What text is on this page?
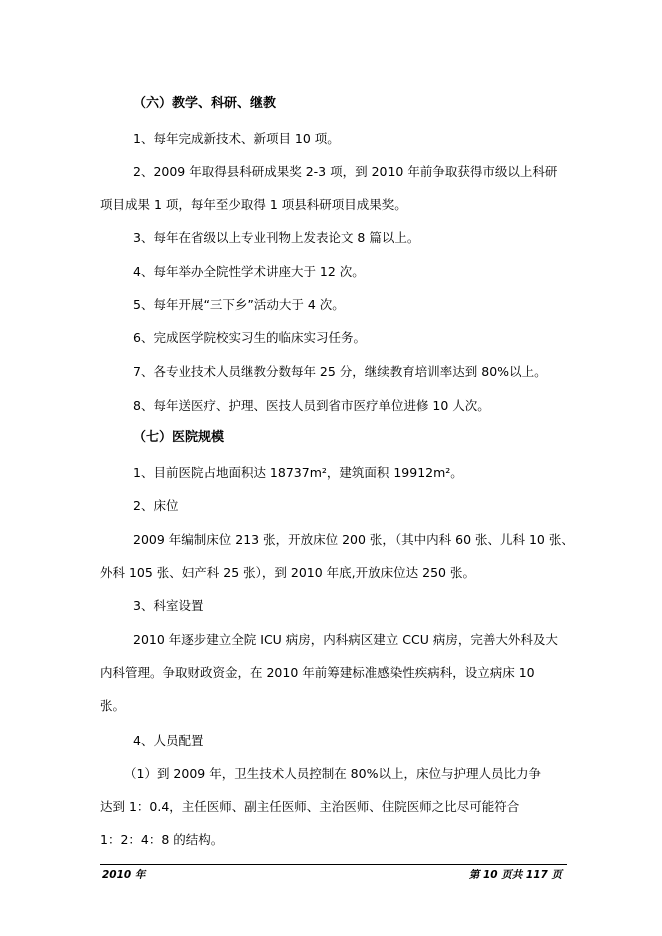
（六）教学、科研、继教
1、每年完成新技术、新项目 10 项。
2、2009 年取得县科研成果奖 2-3 项，到 2010 年前争取获得市级以上科研
项目成果 1 项，每年至少取得 1 项县科研项目成果奖。
3、每年在省级以上专业刊物上发表论文 8 篇以上。
4、每年举办全院性学术讲座大于 12 次。
5、每年开展“三下乡”活动大于 4 次。
6、完成医学院校实习生的临床实习任务。
7、各专业技术人员继教分数每年 25 分，继续教育培训率达到 80%以上。
8、每年送医疗、护理、医技人员到省市医疗单位进修 10 人次。
（七）医院规模
1、目前医院占地面积达 18737m²，建筑面积 19912m²。
2、床位
2009 年编制床位 213 张，开放床位 200 张，（其中内科 60 张、儿科 10 张、
外科 105 张、妇产科 25 张），到 2010 年底,开放床位达 250 张。
3、科室设置
2010 年逐步建立全院 ICU 病房，内科病区建立 CCU 病房，完善大外科及大
内科管理。争取财政资金，在 2010 年前筹建标准感染性疾病科，设立病床 10
张。
4、人员配置
（1）到 2009 年，卫生技术人员控制在 80%以上，床位与护理人员比力争
达到 1：0.4，主任医师、副主任医师、主治医师、住院医师之比尽可能符合
1：2：4：8 的结构。
2010 年	第 10 页共 117 页
